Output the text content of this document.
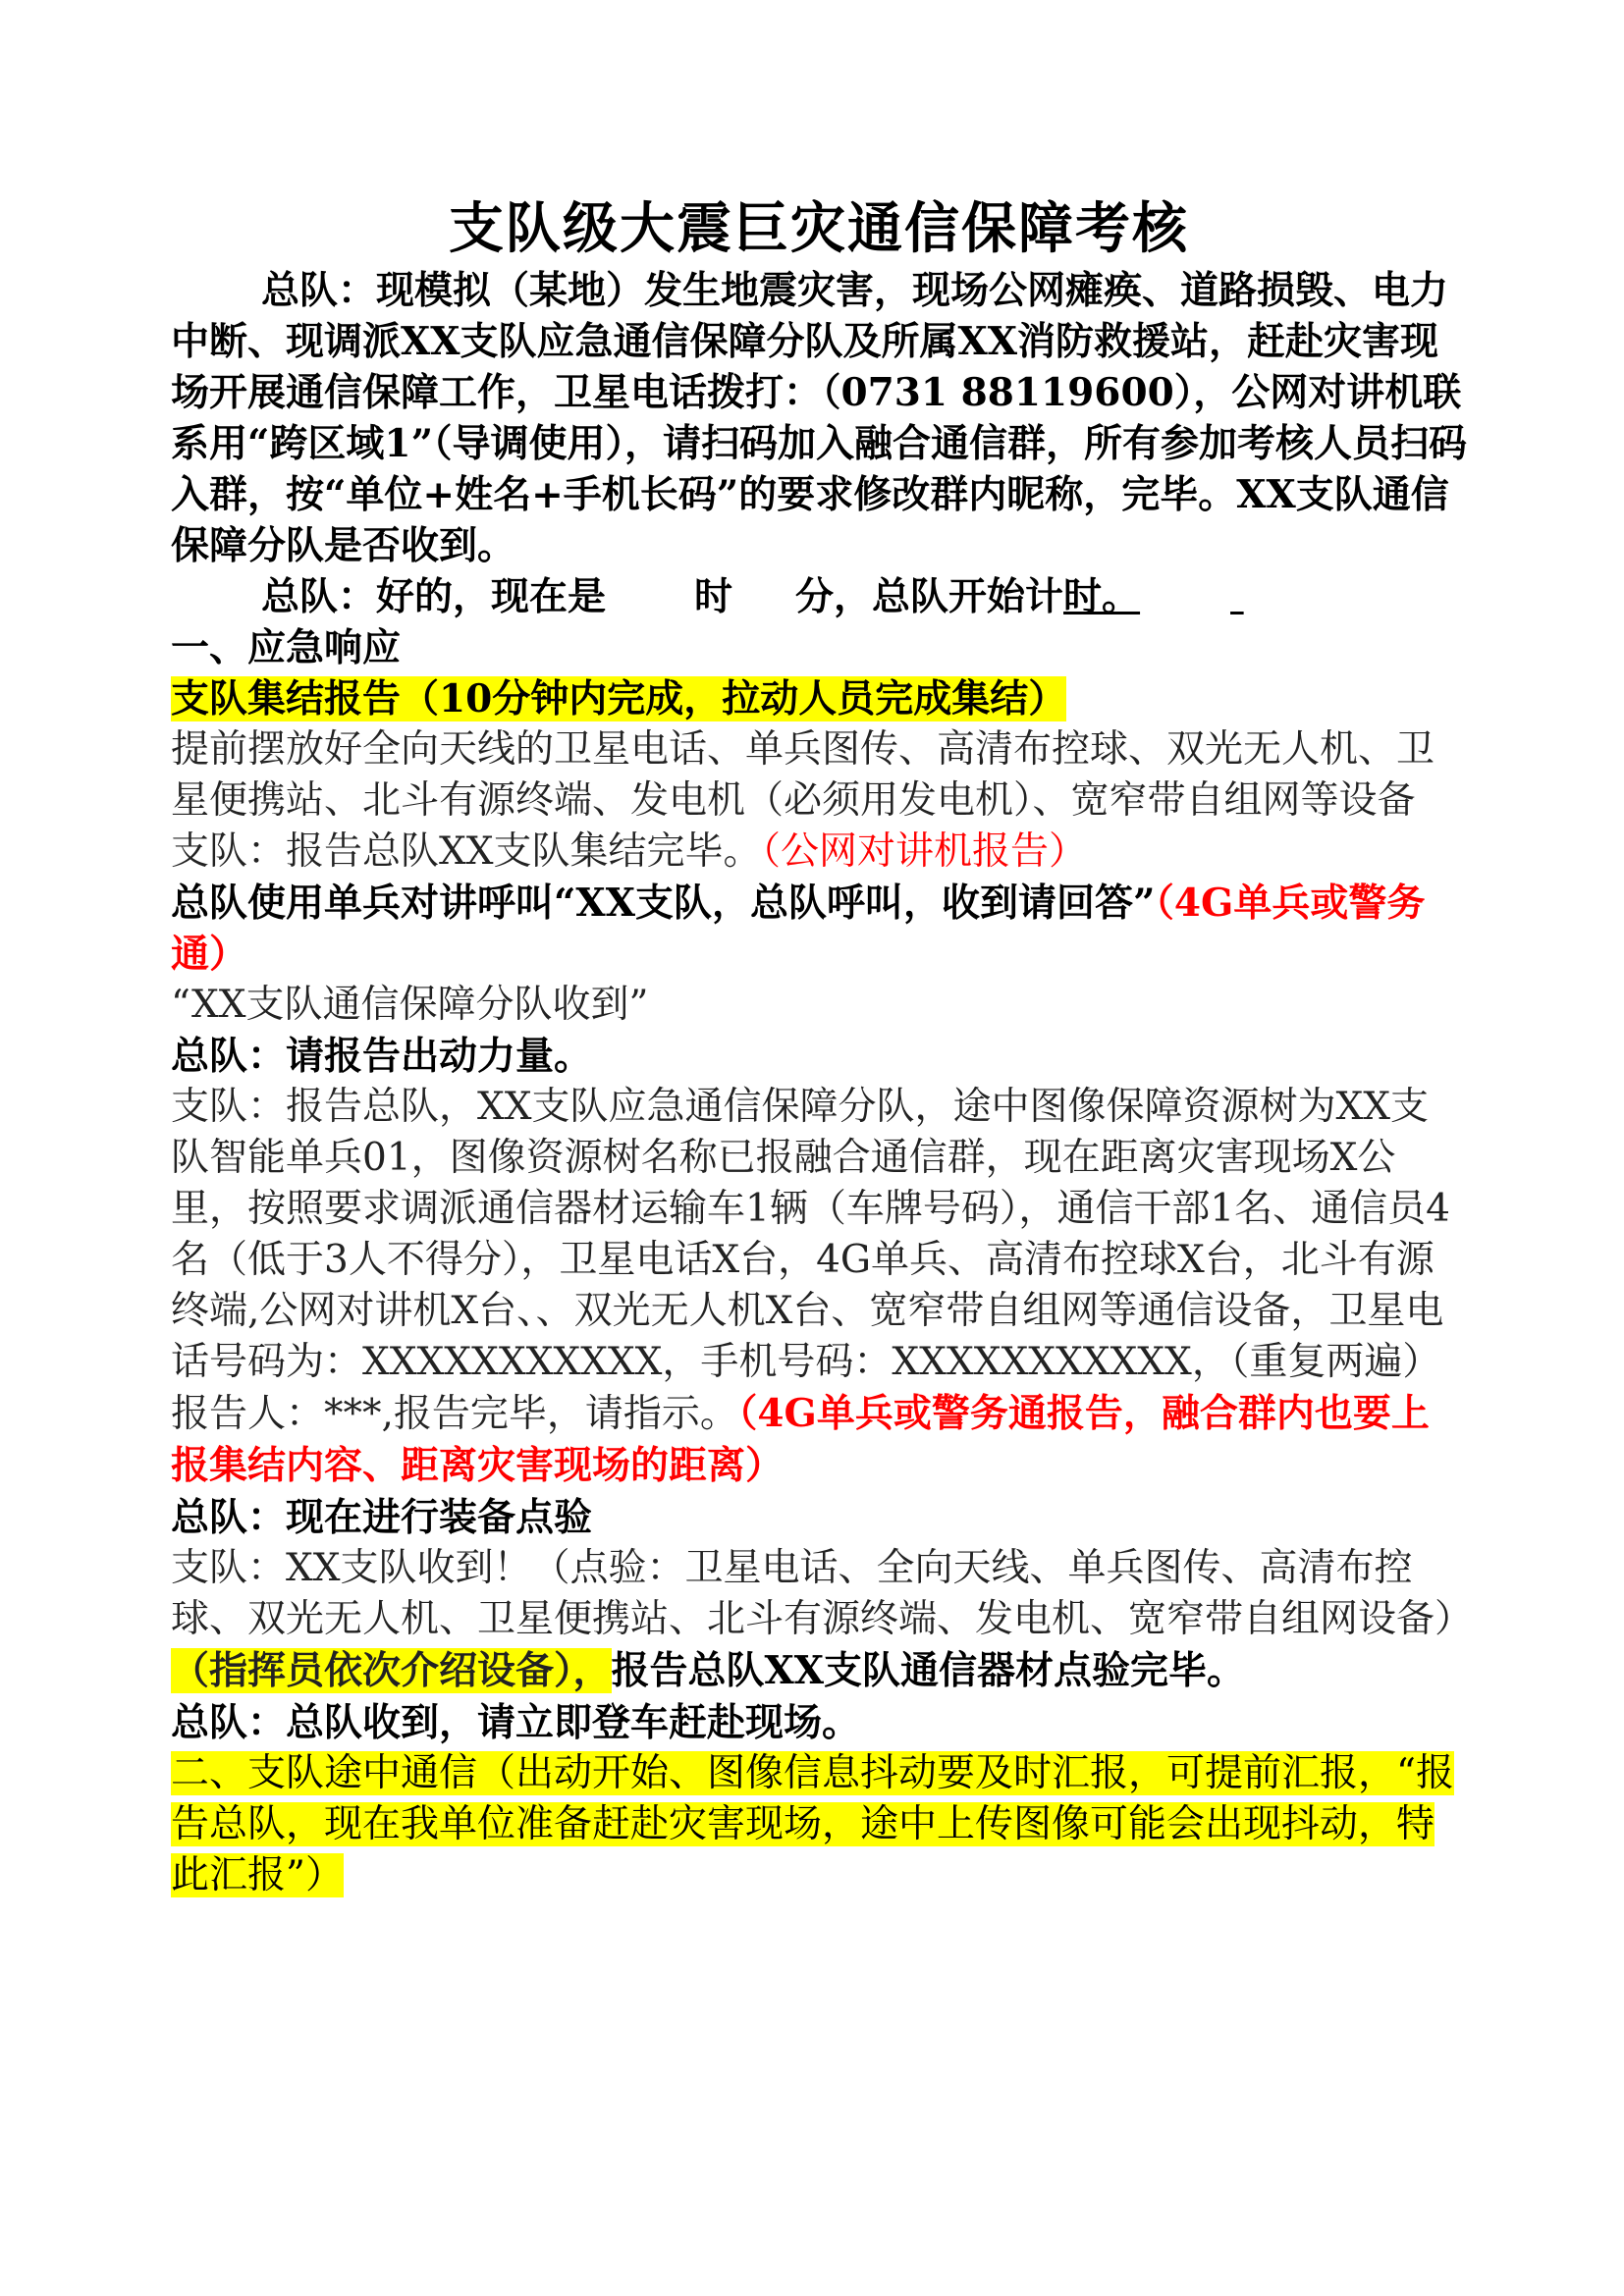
支队级大震巨灾通信保障考核

总队：现模拟（某地）发生地震灾害，现场公网瘫痪、道路损毁、电力中断、现调派XX支队应急通信保障分队及所属XX消防救援站，赶赴灾害现场开展通信保障工作，卫星电话拨打：（0731 88119600），公网对讲机联系用“跨区域1”（导调使用），请扫码加入融合通信群，所有参加考核人员扫码入群，按“单位+姓名+手机长码”的要求修改群内昵称，完毕。XX支队通信保障分队是否收到。

总队：好的，现在是 时 分，总队开始计时。

一、应急响应

支队集结报告（10分钟内完成，拉动人员完成集结）

提前摆放好全向天线的卫星电话、单兵图传、高清布控球、双光无人机、卫星便携站、北斗有源终端、发电机（必须用发电机）、宽窄带自组网等设备

支队：报告总队XX支队集结完毕。（公网对讲机报告）

总队使用单兵对讲呼叫“XX支队，总队呼叫，收到请回答”（4G单兵或警务通）

“XX支队通信保障分队收到”

总队：请报告出动力量。

支队：报告总队，XX支队应急通信保障分队，途中图像保障资源树为XX支队智能单兵01，图像资源树名称已报融合通信群，现在距离灾害现场X公里，按照要求调派通信器材运输车1辆（车牌号码），通信干部1名、通信员4名（低于3人不得分），卫星电话X台，4G单兵、高清布控球X台，北斗有源终端,公网对讲机X台、、双光无人机X台、宽窄带自组网等通信设备，卫星电话号码为：XXXXXXXXXXX，手机号码：XXXXXXXXXXX，（重复两遍）报告人：***,报告完毕，请指示。（4G单兵或警务通报告，融合群内也要上报集结内容、距离灾害现场的距离）

总队：现在进行装备点验

支队：XX支队收到！（点验：卫星电话、全向天线、单兵图传、高清布控球、双光无人机、卫星便携站、北斗有源终端、发电机、宽窄带自组网设备）（指挥员依次介绍设备），报告总队XX支队通信器材点验完毕。

总队：总队收到，请立即登车赶赴现场。

二、支队途中通信（出动开始、图像信息抖动要及时汇报，可提前汇报，“报告总队，现在我单位准备赶赴灾害现场，途中上传图像可能会出现抖动，特此汇报”）
